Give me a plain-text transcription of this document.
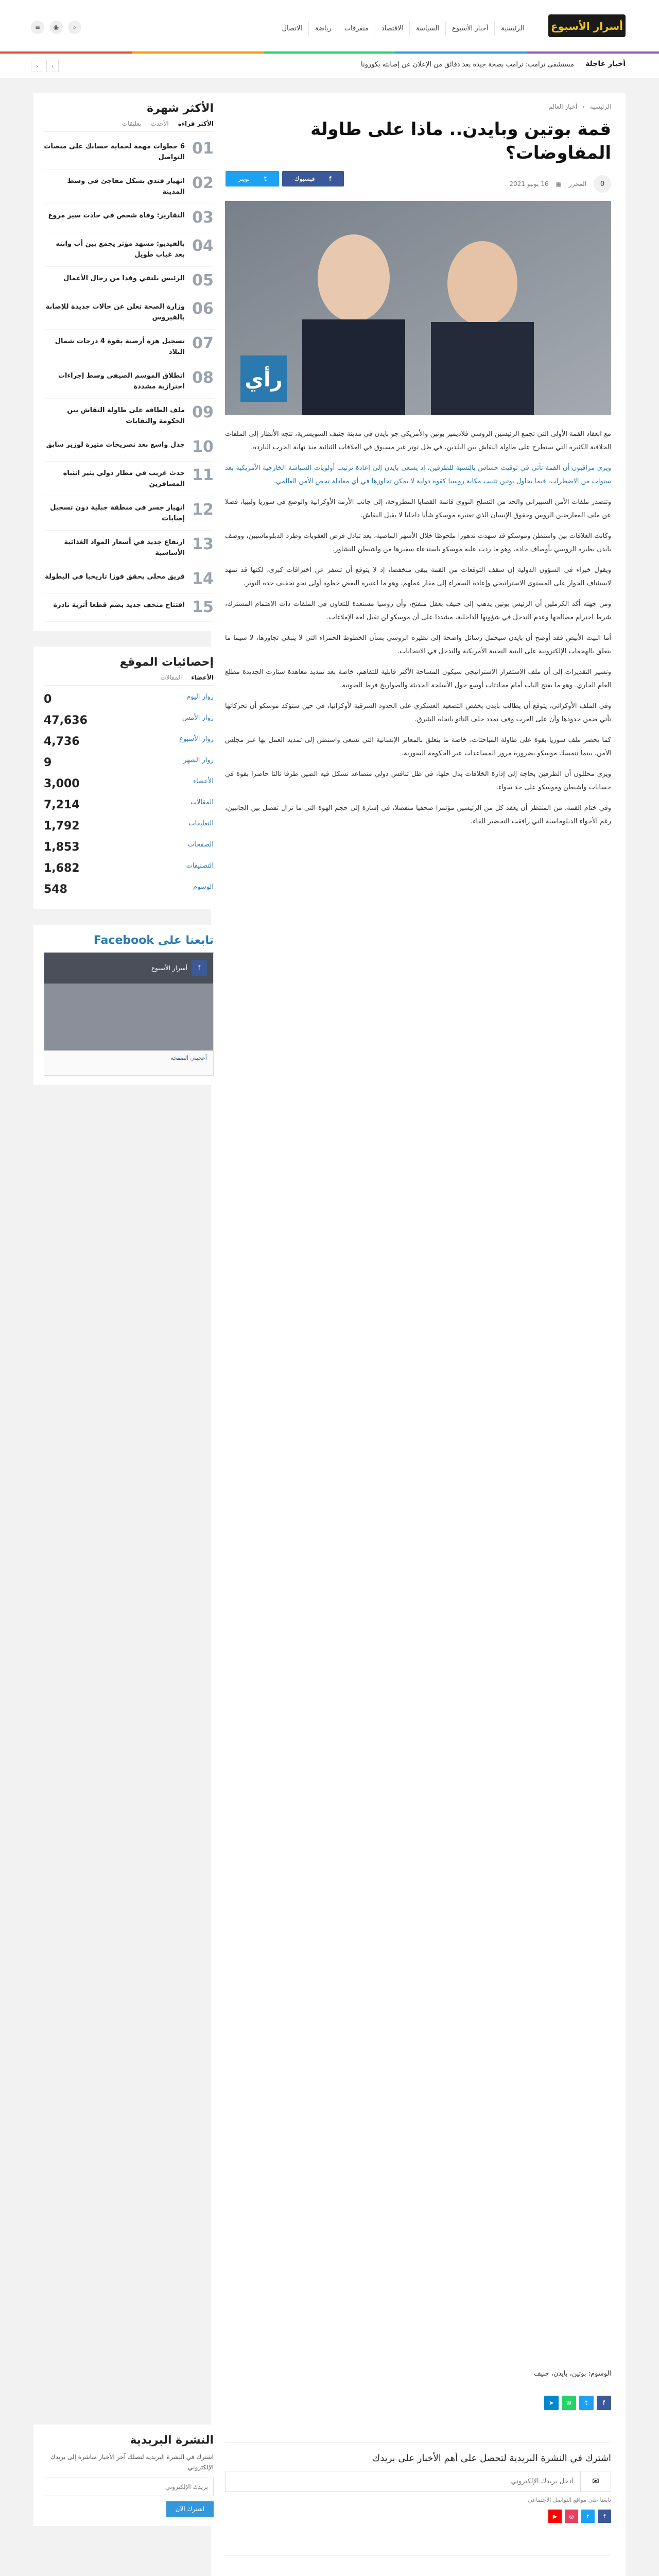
أسرار الأسبوع
الرئيسية
أخبار الأسبوع
السياسة
الاقتصاد
متفرقات
رياضة
الاتصال
⌕
◉
≡
أخبار عاجلة
مستشفى ترامب: ترامب بصحة جيدة بعد دقائق من الإعلان عن إصابته بكورونا
›
‹
الرئيسية › أخبار العالم
قمة بوتين وبايدن.. ماذا على طاولة المفاوضات؟
0
المحرر
▦
16 يونيو 2021
f
فيسبوك
t
تويتر
رأي

مع انعقاد القمة الأولى التي تجمع الرئيسين الروسي فلاديمير بوتين والأمريكي جو بايدن في مدينة جنيف السويسرية، تتجه الأنظار إلى الملفات الخلافية الكثيرة التي ستطرح على طاولة النقاش بين البلدين، في ظل توتر غير مسبوق في العلاقات الثنائية منذ نهاية الحرب الباردة.

ويرى مراقبون أن القمة تأتي في توقيت حساس بالنسبة للطرفين، إذ يسعى بايدن إلى إعادة ترتيب أولويات السياسة الخارجية الأمريكية بعد سنوات من الاضطراب، فيما يحاول بوتين تثبيت مكانة روسيا كقوة دولية لا يمكن تجاوزها في أي معادلة تخص الأمن العالمي.

وتتصدر ملفات الأمن السيبراني والحد من التسلح النووي قائمة القضايا المطروحة، إلى جانب الأزمة الأوكرانية والوضع في سوريا وليبيا، فضلا عن ملف المعارضين الروس وحقوق الإنسان الذي تعتبره موسكو شأنا داخليا لا يقبل النقاش.

وكانت العلاقات بين واشنطن وموسكو قد شهدت تدهورا ملحوظا خلال الأشهر الماضية، بعد تبادل فرض العقوبات وطرد الدبلوماسيين، ووصف بايدن نظيره الروسي بأوصاف حادة، وهو ما ردت عليه موسكو باستدعاء سفيرها من واشنطن للتشاور.

ويقول خبراء في الشؤون الدولية إن سقف التوقعات من القمة يبقى منخفضا، إذ لا يتوقع أن تسفر عن اختراقات كبرى، لكنها قد تمهد لاستئناف الحوار على المستوى الاستراتيجي وإعادة السفراء إلى مقار عملهم، وهو ما اعتبره البعض خطوة أولى نحو تخفيف حدة التوتر.

ومن جهته أكد الكرملين أن الرئيس بوتين يذهب إلى جنيف بعقل منفتح، وأن روسيا مستعدة للتعاون في الملفات ذات الاهتمام المشترك، شرط احترام مصالحها وعدم التدخل في شؤونها الداخلية، مشددا على أن موسكو لن تقبل لغة الإملاءات.

أما البيت الأبيض فقد أوضح أن بايدن سيحمل رسائل واضحة إلى نظيره الروسي بشأن الخطوط الحمراء التي لا ينبغي تجاوزها، لا سيما ما يتعلق بالهجمات الإلكترونية على البنية التحتية الأمريكية والتدخل في الانتخابات.

وتشير التقديرات إلى أن ملف الاستقرار الاستراتيجي سيكون المساحة الأكثر قابلية للتفاهم، خاصة بعد تمديد معاهدة ستارت الجديدة مطلع العام الجاري، وهو ما يفتح الباب أمام محادثات أوسع حول الأسلحة الحديثة والصواريخ فرط الصوتية.

وفي الملف الأوكراني، يتوقع أن يطالب بايدن بخفض التصعيد العسكري على الحدود الشرقية لأوكرانيا، في حين ستؤكد موسكو أن تحركاتها تأتي ضمن حدودها وأن على الغرب وقف تمدد حلف الناتو باتجاه الشرق.

كما يحضر ملف سوريا بقوة على طاولة المباحثات، خاصة ما يتعلق بالمعابر الإنسانية التي تسعى واشنطن إلى تمديد العمل بها عبر مجلس الأمن، بينما تتمسك موسكو بضرورة مرور المساعدات عبر الحكومة السورية.

ويرى محللون أن الطرفين بحاجة إلى إدارة الخلافات بدل حلها، في ظل تنافس دولي متصاعد تشكل فيه الصين طرفا ثالثا حاضرا بقوة في حسابات واشنطن وموسكو على حد سواء.

وفي ختام القمة، من المنتظر أن يعقد كل من الرئيسين مؤتمرا صحفيا منفصلا، في إشارة إلى حجم الهوة التي ما تزال تفصل بين الجانبين، رغم الأجواء الدبلوماسية التي رافقت التحضير للقاء.

الوسوم: بوتين، بايدن، جنيف
f
t
w
➤
اشترك في النشرة البريدية لتحصل على أهم الأخبار على بريدك
✉
أدخل بريدك الإلكتروني
تابعنا على مواقع التواصل الاجتماعي
f
t
◎
▶
الأكثر شهرة
الأكثر قراءة
الأحدث
تعليقات
01
6 خطوات مهمة لحماية حسابك على منصات التواصل
02
انهيار فندق بشكل مفاجئ في وسط المدينة
03
التقارير: وفاة شخص في حادث سير مروع
04
بالفيديو: مشهد مؤثر يجمع بين أب وابنه بعد غياب طويل
05
الرئيس يلتقي وفدا من رجال الأعمال
06
وزارة الصحة تعلن عن حالات جديدة للإصابة بالفيروس
07
تسجيل هزة أرضية بقوة 4 درجات شمال البلاد
08
انطلاق الموسم الصيفي وسط إجراءات احترازية مشددة
09
ملف الطاقة على طاولة النقاش بين الحكومة والنقابات
10
جدل واسع بعد تصريحات مثيرة لوزير سابق
11
حدث غريب في مطار دولي يثير انتباه المسافرين
12
انهيار جسر في منطقة جبلية دون تسجيل إصابات
13
ارتفاع جديد في أسعار المواد الغذائية الأساسية
14
فريق محلي يحقق فوزا تاريخيا في البطولة
15
افتتاح متحف جديد يضم قطعا أثرية نادرة
إحصائيات الموقع
الأعضاء
المقالات
زوار اليوم
0
زوار الأمس
47,636
زوار الأسبوع
4,736
زوار الشهر
9
الأعضاء
3,000
المقالات
7,214
التعليقات
1,792
الصفحات
1,853
التصنيفات
1,682
الوسوم
548
تابعنا على Facebook
f
أسرار الأسبوع
أعجبني الصفحة
النشرة البريدية
اشترك في النشرة البريدية لتصلك آخر الأخبار مباشرة إلى بريدك الإلكتروني
بريدك الإلكتروني اشترك الآن
